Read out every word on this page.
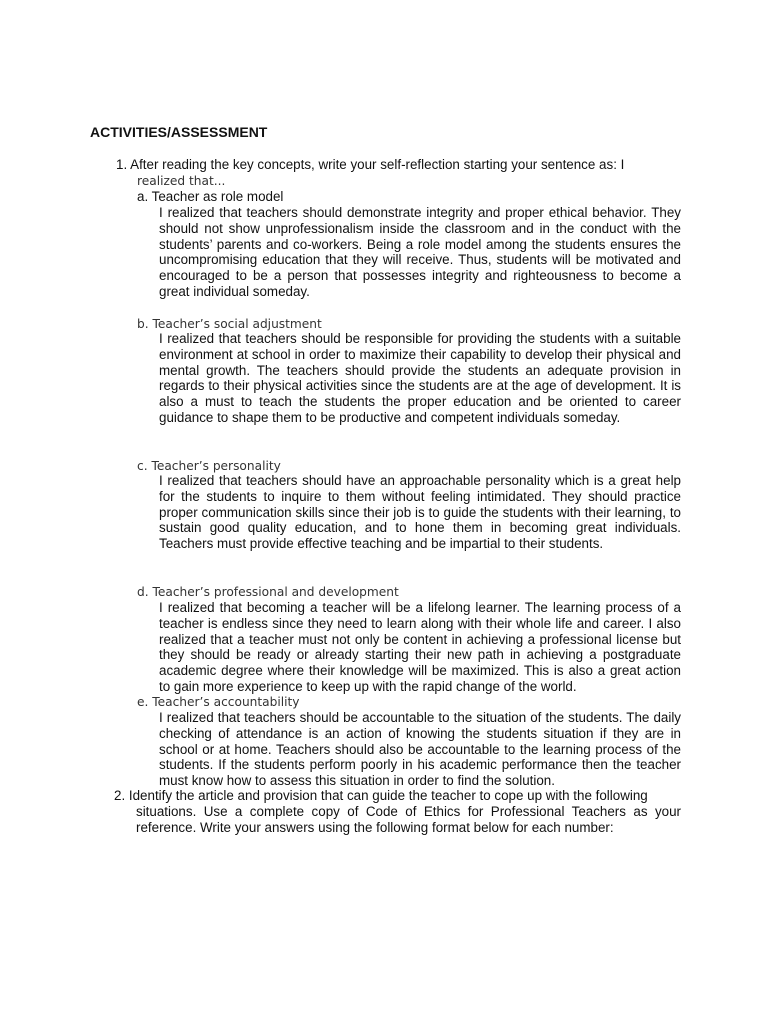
ACTIVITIES/ASSESSMENT
1. After reading the key concepts, write your self-reflection starting your sentence as: I
realized that...
a. Teacher as role model
I realized that teachers should demonstrate integrity and proper ethical behavior. They should not show unprofessionalism inside the classroom and in the conduct with the students’ parents and co-workers. Being a role model among the students ensures the uncompromising education that they will receive. Thus, students will be motivated and encouraged to be a person that possesses integrity and righteousness to become a great individual someday.
b. Teacher’s social adjustment
I realized that teachers should be responsible for providing the students with a suitable environment at school in order to maximize their capability to develop their physical and mental growth. The teachers should provide the students an adequate provision in regards to their physical activities since the students are at the age of development. It is also a must to teach the students the proper education and be oriented to career guidance to shape them to be productive and competent individuals someday.
c. Teacher’s personality
I realized that teachers should have an approachable personality which is a great help for the students to inquire to them without feeling intimidated. They should practice proper communication skills since their job is to guide the students with their learning, to sustain good quality education, and to hone them in becoming great individuals. Teachers must provide effective teaching and be impartial to their students.
d. Teacher’s professional and development
I realized that becoming a teacher will be a lifelong learner. The learning process of a teacher is endless since they need to learn along with their whole life and career. I also realized that a teacher must not only be content in achieving a professional license but they should be ready or already starting their new path in achieving a postgraduate academic degree where their knowledge will be maximized. This is also a great action to gain more experience to keep up with the rapid change of the world.
e. Teacher’s accountability
I realized that teachers should be accountable to the situation of the students. The daily checking of attendance is an action of knowing the students situation if they are in school or at home. Teachers should also be accountable to the learning process of the students. If the students perform poorly in his academic performance then the teacher must know how to assess this situation in order to find the solution.
2. Identify the article and provision that can guide the teacher to cope up with the following
situations. Use a complete copy of Code of Ethics for Professional Teachers as your reference. Write your answers using the following format below for each number:
